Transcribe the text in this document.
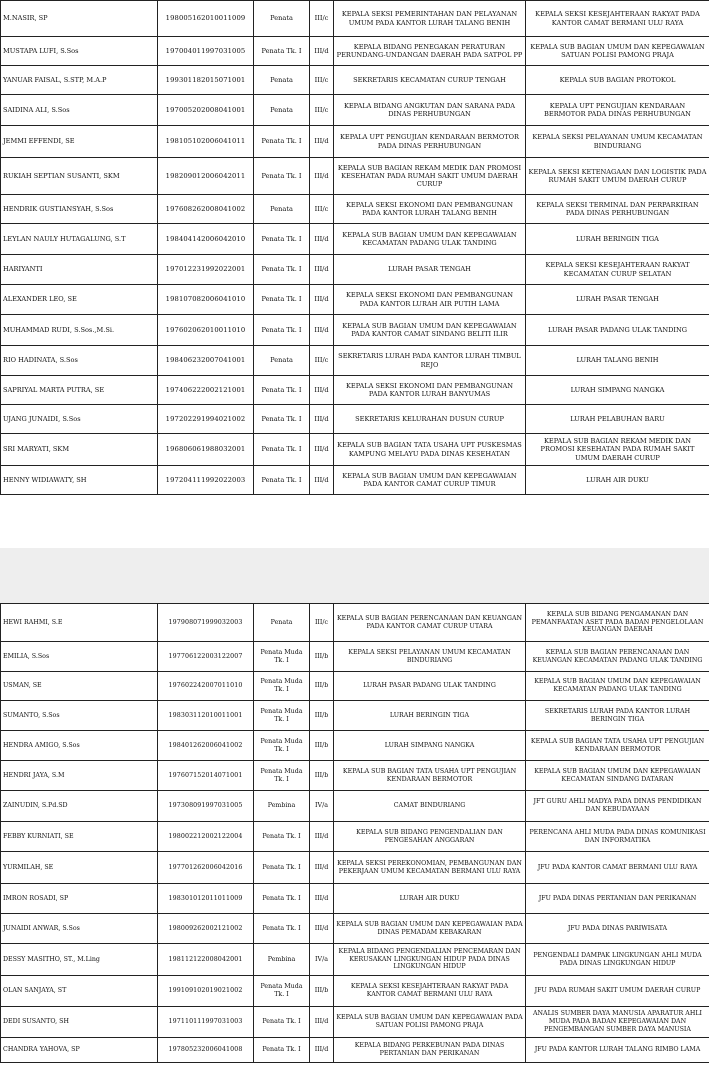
M.NASIR, SP	198005162010011009	Penata	III/c	KEPALA SEKSI PEMERINTAHAN DAN PELAYANAN UMUM PADA KANTOR LURAH TALANG BENIH	KEPALA SEKSI KESEJAHTERAAN RAKYAT PADA KANTOR CAMAT BERMANI ULU RAYA
MUSTAPA LUFI, S.Sos	197004011997031005	Penata Tk. I	III/d	KEPALA BIDANG PENEGAKAN PERATURAN PERUNDANG-UNDANGAN DAERAH PADA SATPOL PP	KEPALA SUB BAGIAN UMUM DAN KEPEGAWAIAN SATUAN POLISI PAMONG PRAJA
YANUAR FAISAL, S.STP, M.A.P	199301182015071001	Penata	III/c	SEKRETARIS KECAMATAN CURUP TENGAH	KEPALA SUB BAGIAN PROTOKOL
SAIDINA ALI, S.Sos	197005202008041001	Penata	III/c	KEPALA BIDANG ANGKUTAN DAN SARANA PADA DINAS PERHUBUNGAN	KEPALA UPT PENGUJIAN KENDARAAN BERMOTOR PADA DINAS PERHUBUNGAN
JEMMI EFFENDI, SE	198105102006041011	Penata Tk. I	III/d	KEPALA UPT PENGUJIAN KENDARAAN BERMOTOR PADA DINAS PERHUBUNGAN	KEPALA SEKSI PELAYANAN UMUM KECAMATAN BINDURIANG
RUKIAH SEPTIAN SUSANTI, SKM	198209012006042011	Penata Tk. I	III/d	KEPALA SUB BAGIAN REKAM MEDIK DAN PROMOSI KESEHATAN PADA RUMAH SAKIT UMUM DAERAH CURUP	KEPALA SEKSI KETENAGAAN DAN LOGISTIK PADA RUMAH SAKIT UMUM DAERAH CURUP
HENDRIK GUSTIANSYAH, S.Sos	197608262008041002	Penata	III/c	KEPALA SEKSI EKONOMI DAN PEMBANGUNAN PADA KANTOR LURAH TALANG BENIH	KEPALA SEKSI TERMINAL DAN PERPARKIRAN PADA DINAS PERHUBUNGAN
LEYLAN NAULY HUTAGALUNG, S.T	198404142006042010	Penata Tk. I	III/d	KEPALA SUB BAGIAN UMUM DAN KEPEGAWAIAN KECAMATAN PADANG ULAK TANDING	LURAH BERINGIN TIGA
HARIYANTI	197012231992022001	Penata Tk. I	III/d	LURAH PASAR TENGAH	KEPALA SEKSI KESEJAHTERAAN RAKYAT KECAMATAN CURUP SELATAN
ALEXANDER LEO, SE	198107082006041010	Penata Tk. I	III/d	KEPALA SEKSI EKONOMI DAN PEMBANGUNAN PADA KANTOR LURAH AIR PUTIH LAMA	LURAH PASAR TENGAH
MUHAMMAD RUDI, S.Sos.,M.Si.	197602062010011010	Penata Tk. I	III/d	KEPALA SUB BAGIAN UMUM DAN KEPEGAWAIAN PADA KANTOR CAMAT SINDANG BELITI ILIR	LURAH PASAR PADANG ULAK TANDING
RIO HADINATA, S.Sos	198406232007041001	Penata	III/c	SEKRETARIS LURAH PADA KANTOR LURAH TIMBUL REJO	LURAH TALANG BENIH
SAPRIYAL MARTA PUTRA, SE	197406222002121001	Penata Tk. I	III/d	KEPALA SEKSI EKONOMI DAN PEMBANGUNAN PADA KANTOR LURAH BANYUMAS	LURAH SIMPANG NANGKA
UJANG JUNAIDI, S.Sos	197202291994021002	Penata Tk. I	III/d	SEKRETARIS KELURAHAN DUSUN CURUP	LURAH PELABUHAN BARU
SRI MARYATI, SKM	196806061988032001	Penata Tk. I	III/d	KEPALA SUB BAGIAN TATA USAHA UPT PUSKESMAS KAMPUNG MELAYU PADA DINAS KESEHATAN	KEPALA SUB BAGIAN REKAM MEDIK DAN PROMOSI KESEHATAN PADA RUMAH SAKIT UMUM DAERAH CURUP
HENNY WIDIAWATY, SH	197204111992022003	Penata Tk. I	III/d	KEPALA SUB BAGIAN UMUM DAN KEPEGAWAIAN PADA KANTOR CAMAT CURUP TIMUR	LURAH AIR DUKU
HEWI RAHMI, S.E	197908071999032003	Penata	III/c	KEPALA SUB BAGIAN PERENCANAAN DAN KEUANGAN PADA KANTOR CAMAT CURUP UTARA	KEPALA SUB BIDANG PENGAMANAN DAN PEMANFAATAN ASET PADA BADAN PENGELOLAAN KEUANGAN DAERAH
EMILIA, S.Sos	197706122003122007	Penata Muda Tk. I	III/b	KEPALA SEKSI PELAYANAN UMUM KECAMATAN BINDURIANG	KEPALA SUB BAGIAN PERENCANAAN DAN KEUANGAN KECAMATAN PADANG ULAK TANDING
USMAN, SE	197602242007011010	Penata Muda Tk. I	III/b	LURAH PASAR PADANG ULAK TANDING	KEPALA SUB BAGIAN UMUM DAN KEPEGAWAIAN KECAMATAN PADANG ULAK TANDING
SUMANTO, S.Sos	198303112010011001	Penata Muda Tk. I	III/b	LURAH BERINGIN TIGA	SEKRETARIS LURAH PADA KANTOR LURAH BERINGIN TIGA
HENDRA AMIGO, S.Sos	198401262006041002	Penata Muda Tk. I	III/b	LURAH SIMPANG NANGKA	KEPALA SUB BAGIAN TATA USAHA UPT PENGUJIAN KENDARAAN BERMOTOR
HENDRI JAYA, S.M	197607152014071001	Penata Muda Tk. I	III/b	KEPALA SUB BAGIAN TATA USAHA UPT PENGUJIAN KENDARAAN BERMOTOR	KEPALA SUB BAGIAN UMUM DAN KEPEGAWAIAN KECAMATAN SINDANG DATARAN
ZAINUDIN, S.Pd.SD	197308091997031005	Pembina	IV/a	CAMAT BINDURIANG	JFT GURU AHLI MADYA PADA DINAS PENDIDIKAN DAN KEBUDAYAAN
FEBBY KURNIATI, SE	198002212002122004	Penata Tk. I	III/d	KEPALA SUB BIDANG PENGENDALIAN DAN PENGESAHAN ANGGARAN	PERENCANA AHLI MUDA PADA DINAS KOMUNIKASI DAN INFORMATIKA
YURMILAH, SE	197701262006042016	Penata Tk. I	III/d	KEPALA SEKSI PEREKONOMIAN, PEMBANGUNAN DAN PEKERJAAN UMUM KECAMATAN BERMANI ULU RAYA	JFU PADA KANTOR CAMAT BERMANI ULU RAYA
IMRON ROSADI, SP	198301012011011009	Penata Tk. I	III/d	LURAH AIR DUKU	JFU PADA DINAS PERTANIAN DAN PERIKANAN
JUNAIDI ANWAR, S.Sos	198009262002121002	Penata Tk. I	III/d	KEPALA SUB BAGIAN UMUM DAN KEPEGAWAIAN PADA DINAS PEMADAM KEBAKARAN	JFU PADA DINAS PARIWISATA
DESSY MASITHO, ST., M.Ling	198112122008042001	Pembina	IV/a	KEPALA BIDANG PENGENDALIAN PENCEMARAN DAN KERUSAKAN LINGKUNGAN HIDUP PADA DINAS LINGKUNGAN HIDUP	PENGENDALI DAMPAK LINGKUNGAN AHLI MUDA PADA DINAS LINGKUNGAN HIDUP
OLAN SANJAYA, ST	199109102019021002	Penata Muda Tk. I	III/b	KEPALA SEKSI KESEJAHTERAAN RAKYAT PADA KANTOR CAMAT BERMANI ULU RAYA	JFU PADA RUMAH SAKIT UMUM DAERAH CURUP
DEDI SUSANTO, SH	197110111997031003	Penata Tk. I	III/d	KEPALA SUB BAGIAN UMUM DAN KEPEGAWAIAN PADA SATUAN POLISI PAMONG PRAJA	ANALIS SUMBER DAYA MANUSIA APARATUR AHLI MUDA PADA BADAN KEPEGAWAIAN DAN PENGEMBANGAN SUMBER DAYA MANUSIA
CHANDRA YAHOVA, SP	197805232006041008	Penata Tk. I	III/d	KEPALA BIDANG PERKEBUNAN PADA DINAS PERTANIAN DAN PERIKANAN	JFU PADA KANTOR LURAH TALANG RIMBO LAMA
